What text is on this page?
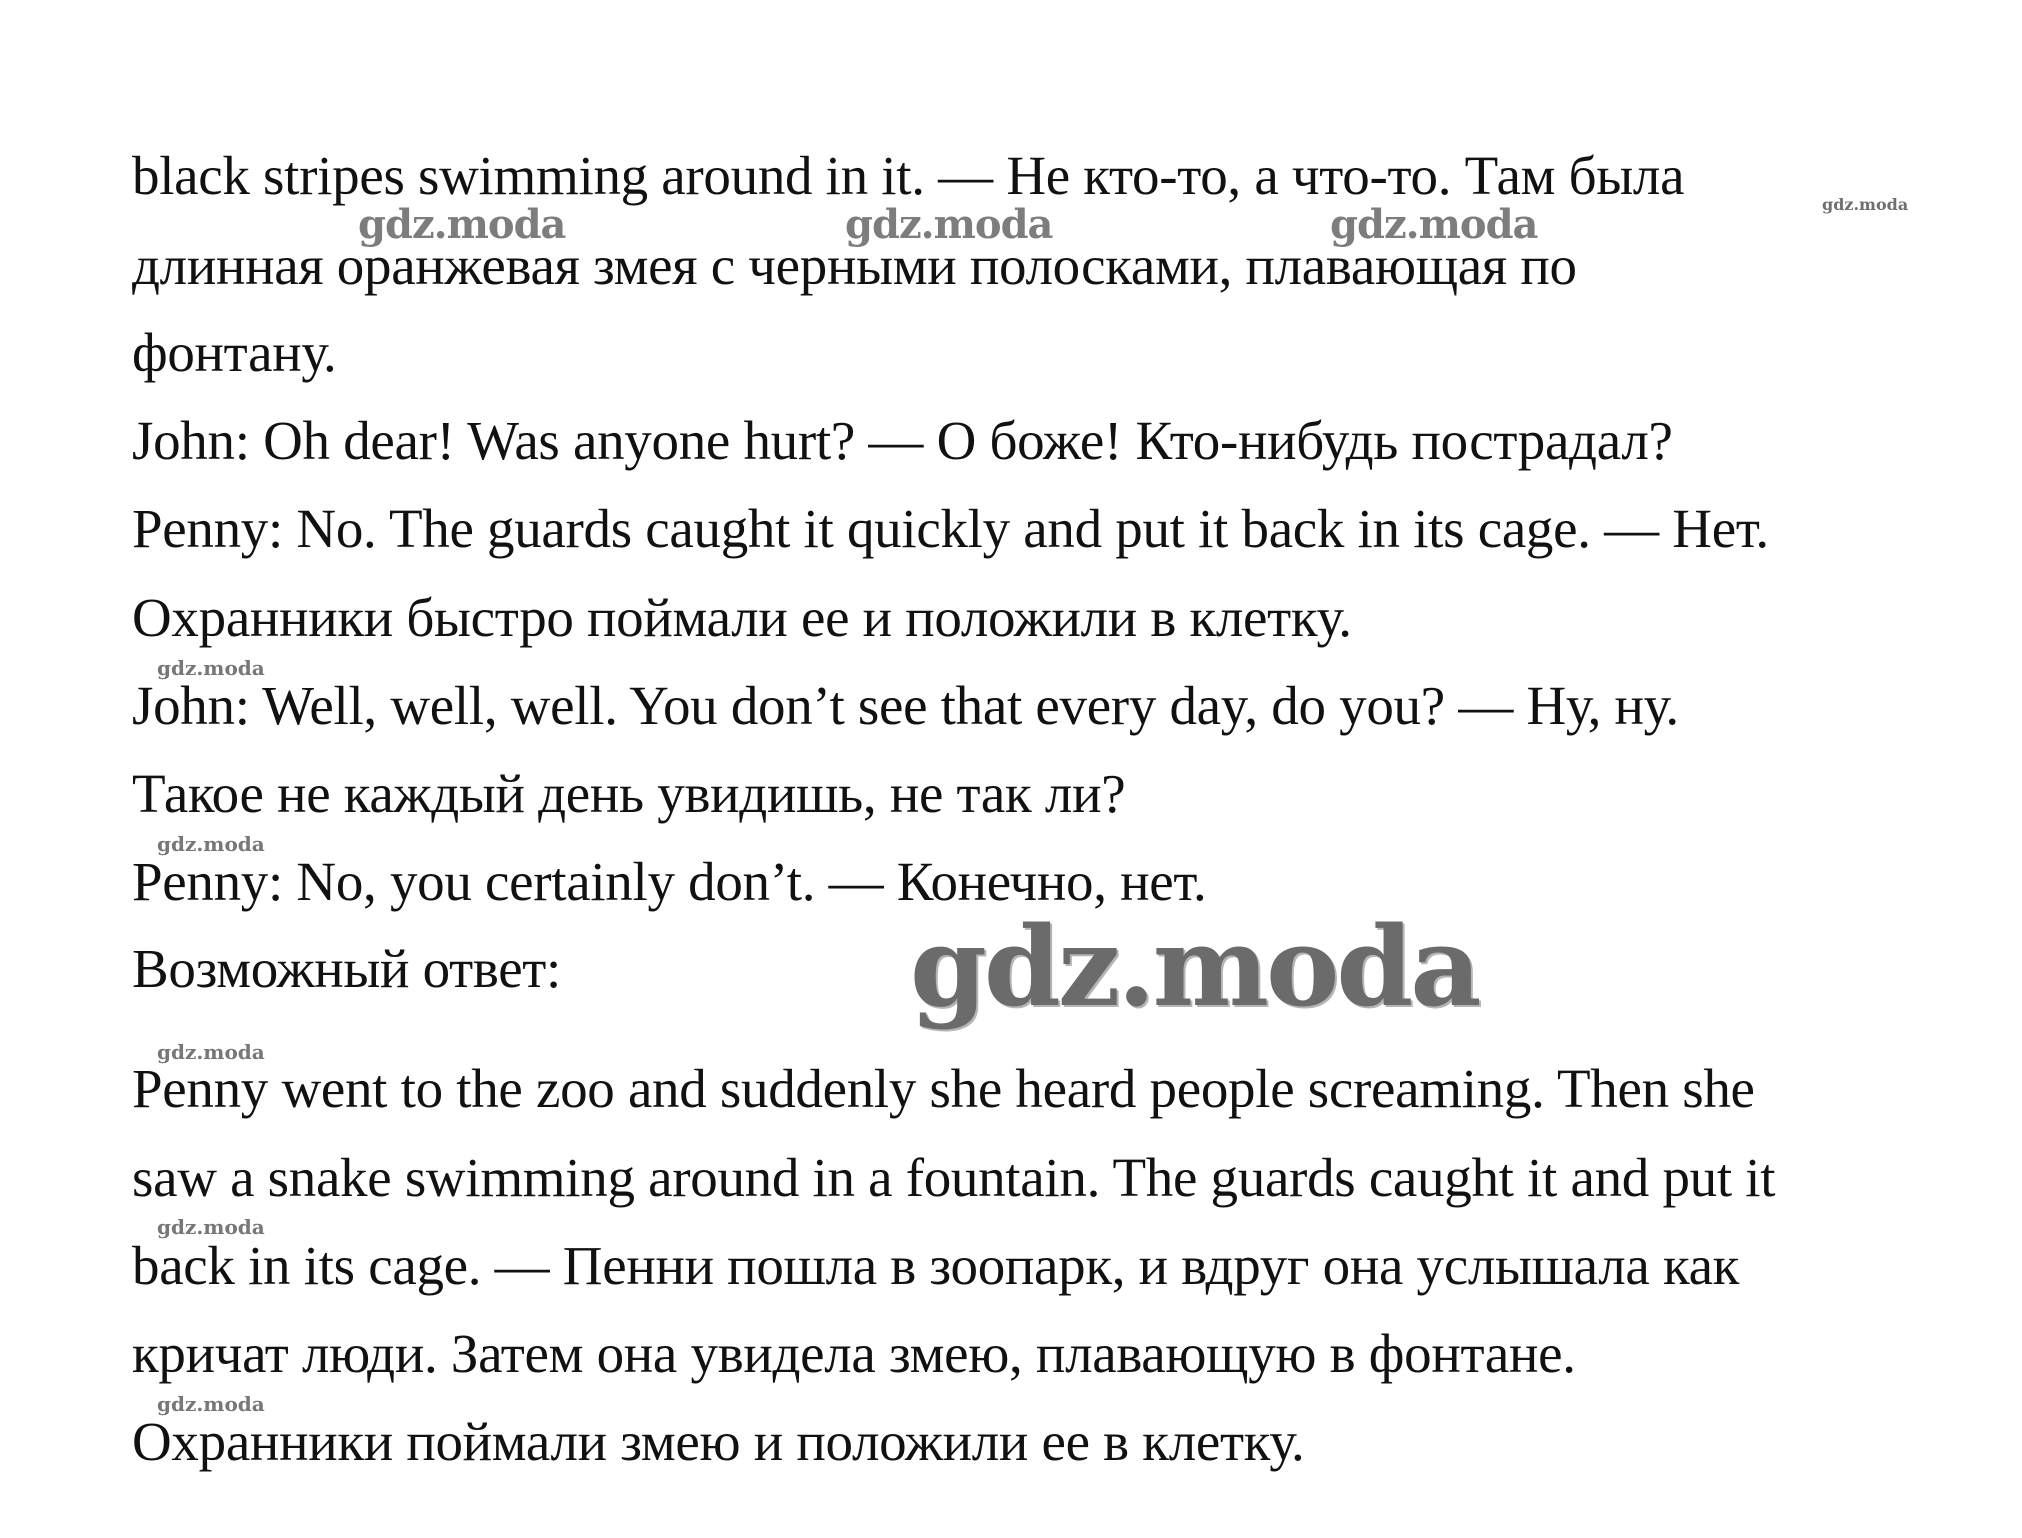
black stripes swimming around in it. — Не кто-то, а что-то. Там была
длинная оранжевая змея с черными полосками, плавающая по
фонтану.
John: Oh dear! Was anyone hurt? — О боже! Кто-нибудь пострадал?
Penny: No. The guards caught it quickly and put it back in its cage. — Нет.
Охранники быстро поймали ее и положили в клетку.
John: Well, well, well. You don’t see that every day, do you? — Ну, ну.
Такое не каждый день увидишь, не так ли?
Penny: No, you certainly don’t. — Конечно, нет.
Возможный ответ:
Penny went to the zoo and suddenly she heard people screaming. Then she
saw a snake swimming around in a fountain. The guards caught it and put it
back in its cage. — Пенни пошла в зоопарк, и вдруг она услышала как
кричат люди. Затем она увидела змею, плавающую в фонтане.
Охранники поймали змею и положили ее в клетку.
gdz.moda	gdz.moda	gdz.moda	gdz.moda
gdz.moda
gdz.moda
gdz.moda
gdz.moda
gdz.moda
gdz.moda
